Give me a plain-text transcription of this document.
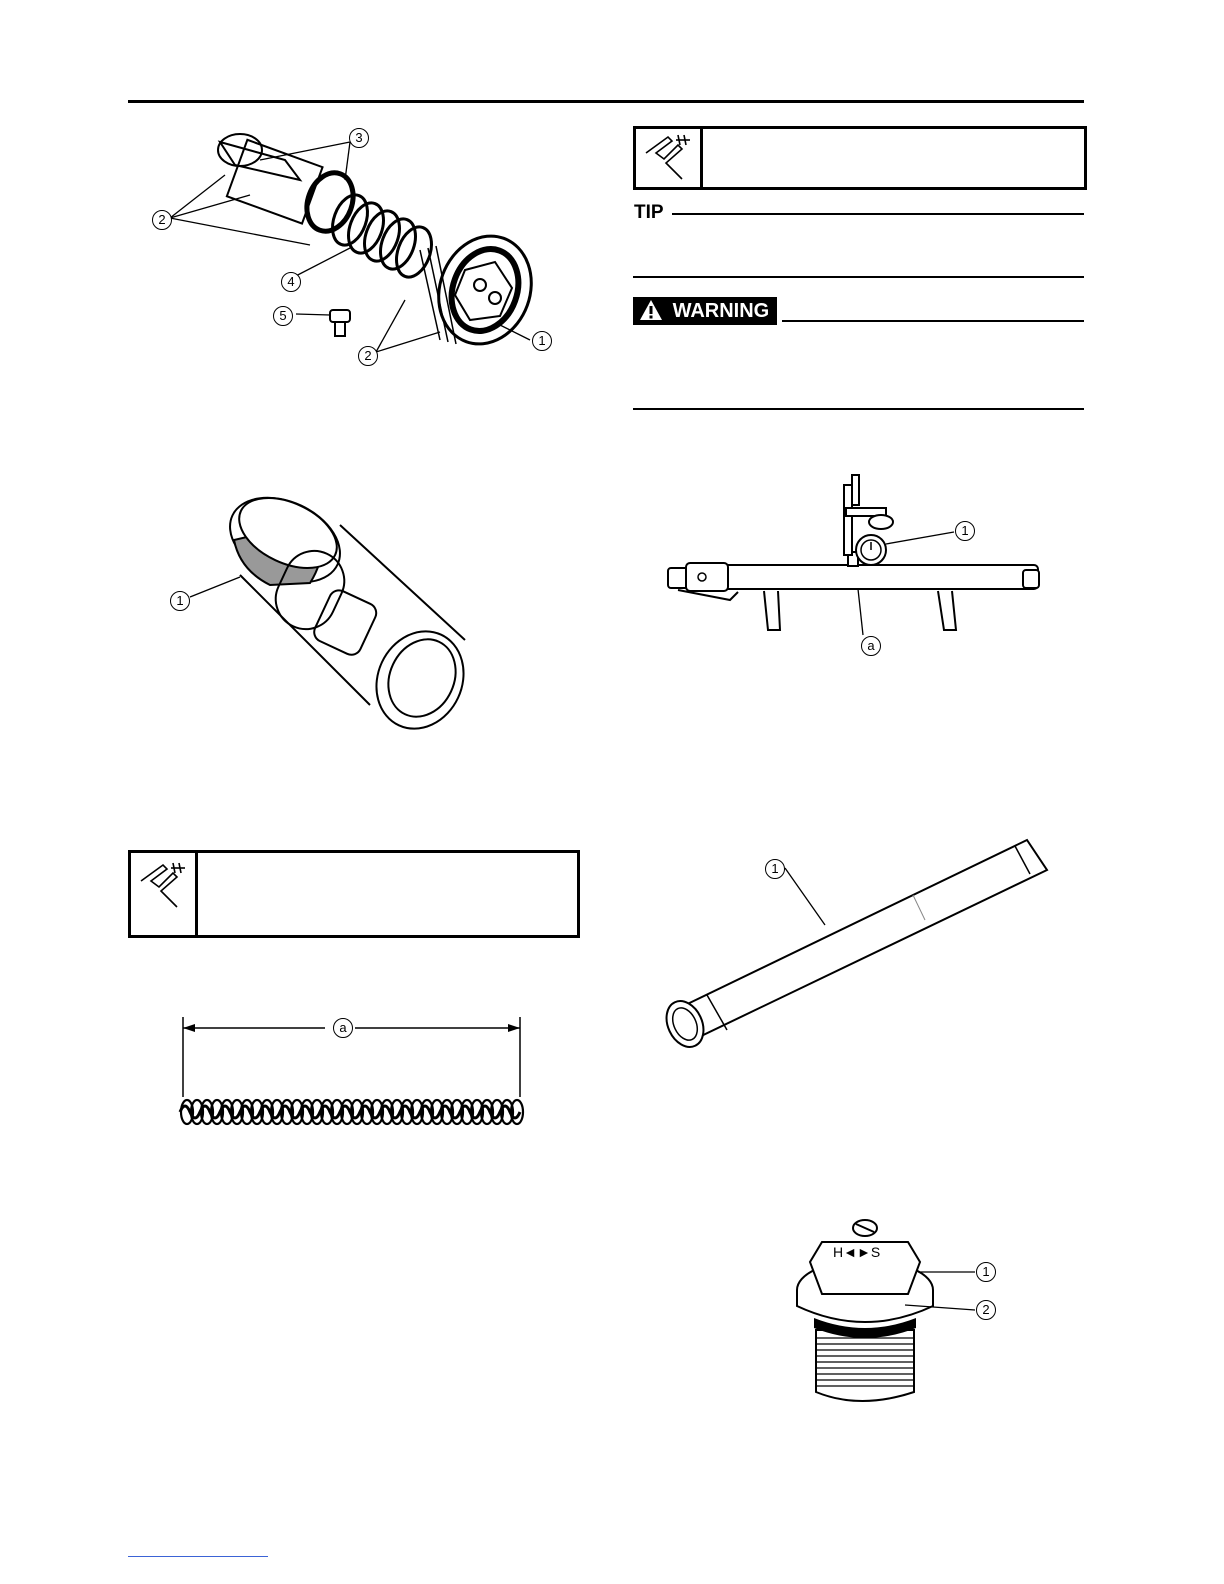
3
2
4
5
2
1
1
a
TIP
WARNING
1
a
1
H◄►S
1
2
